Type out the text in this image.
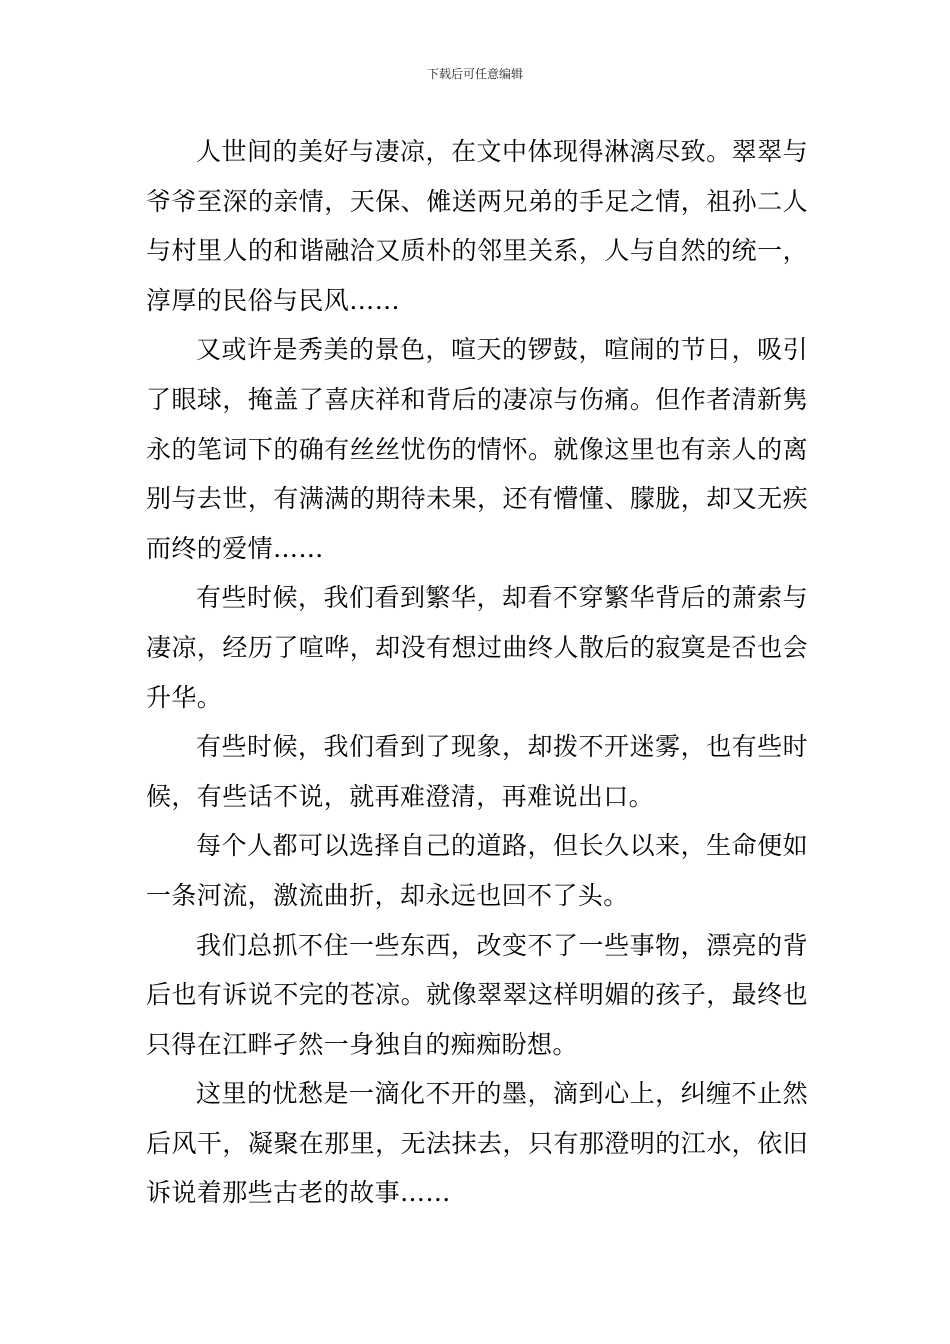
下载后可任意编辑

人世间的美好与凄凉，在文中体现得淋漓尽致。翠翠与爷爷至深的亲情，天保、傩送两兄弟的手足之情，祖孙二人与村里人的和谐融洽又质朴的邻里关系，人与自然的统一，淳厚的民俗与民风……

又或许是秀美的景色，喧天的锣鼓，喧闹的节日，吸引了眼球，掩盖了喜庆祥和背后的凄凉与伤痛。但作者清新隽永的笔词下的确有丝丝忧伤的情怀。就像这里也有亲人的离别与去世，有满满的期待未果，还有懵懂、朦胧，却又无疾而终的爱情……

有些时候，我们看到繁华，却看不穿繁华背后的萧索与凄凉，经历了喧哗，却没有想过曲终人散后的寂寞是否也会升华。

有些时候，我们看到了现象，却拨不开迷雾，也有些时候，有些话不说，就再难澄清，再难说出口。

每个人都可以选择自己的道路，但长久以来，生命便如一条河流，激流曲折，却永远也回不了头。

我们总抓不住一些东西，改变不了一些事物，漂亮的背后也有诉说不完的苍凉。就像翠翠这样明媚的孩子，最终也只得在江畔孑然一身独自的痴痴盼想。

这里的忧愁是一滴化不开的墨，滴到心上，纠缠不止然后风干，凝聚在那里，无法抹去，只有那澄明的江水，依旧诉说着那些古老的故事……
